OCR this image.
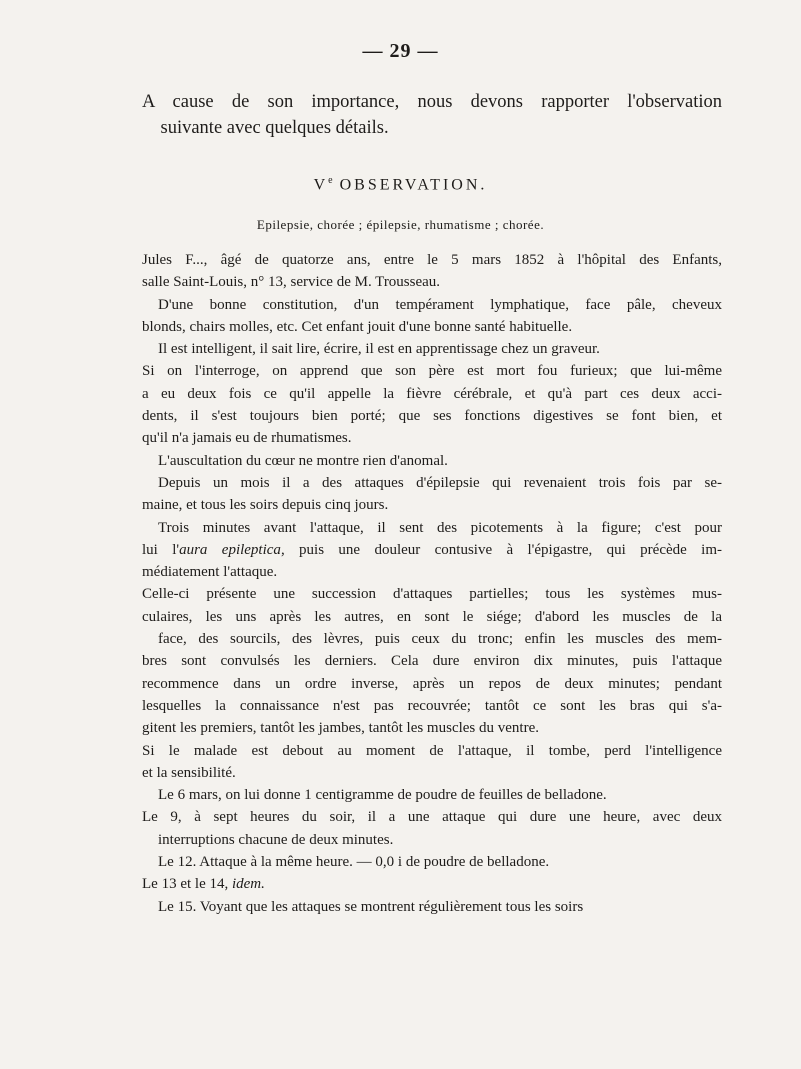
— 29 —

A cause de son importance, nous devons rapporter l'observation

suivante avec quelques détails.

Ve OBSERVATION.
Epilepsie, chorée ; épilepsie, rhumatisme ; chorée.
Jules F..., âgé de quatorze ans, entre le 5 mars 1852 à l'hôpital des Enfants,
salle Saint-Louis, n° 13, service de M. Trousseau.
D'une bonne constitution, d'un tempérament lymphatique, face pâle, cheveux
blonds, chairs molles, etc. Cet enfant jouit d'une bonne santé habituelle.
Il est intelligent, il sait lire, écrire, il est en apprentissage chez un graveur.
Si on l'interroge, on apprend que son père est mort fou furieux; que lui-même
a eu deux fois ce qu'il appelle la fièvre cérébrale, et qu'à part ces deux acci-
dents, il s'est toujours bien porté; que ses fonctions digestives se font bien, et
qu'il n'a jamais eu de rhumatismes.
L'auscultation du cœur ne montre rien d'anomal.
Depuis un mois il a des attaques d'épilepsie qui revenaient trois fois par se-
maine, et tous les soirs depuis cinq jours.
Trois minutes avant l'attaque, il sent des picotements à la figure; c'est pour
lui l'aura epileptica, puis une douleur contusive à l'épigastre, qui précède im-
médiatement l'attaque.
Celle-ci présente une succession d'attaques partielles; tous les systèmes mus-
culaires, les uns après les autres, en sont le siége; d'abord les muscles de la
face, des sourcils, des lèvres, puis ceux du tronc; enfin les muscles des mem-
bres sont convulsés les derniers. Cela dure environ dix minutes, puis l'attaque
recommence dans un ordre inverse, après un repos de deux minutes; pendant
lesquelles la connaissance n'est pas recouvrée; tantôt ce sont les bras qui s'a-
gitent les premiers, tantôt les jambes, tantôt les muscles du ventre.
Si le malade est debout au moment de l'attaque, il tombe, perd l'intelligence
et la sensibilité.
Le 6 mars, on lui donne 1 centigramme de poudre de feuilles de belladone.
Le 9, à sept heures du soir, il a une attaque qui dure une heure, avec deux
interruptions chacune de deux minutes.
Le 12. Attaque à la même heure. — 0,0 i de poudre de belladone.
Le 13 et le 14, idem.
Le 15. Voyant que les attaques se montrent régulièrement tous les soirs
